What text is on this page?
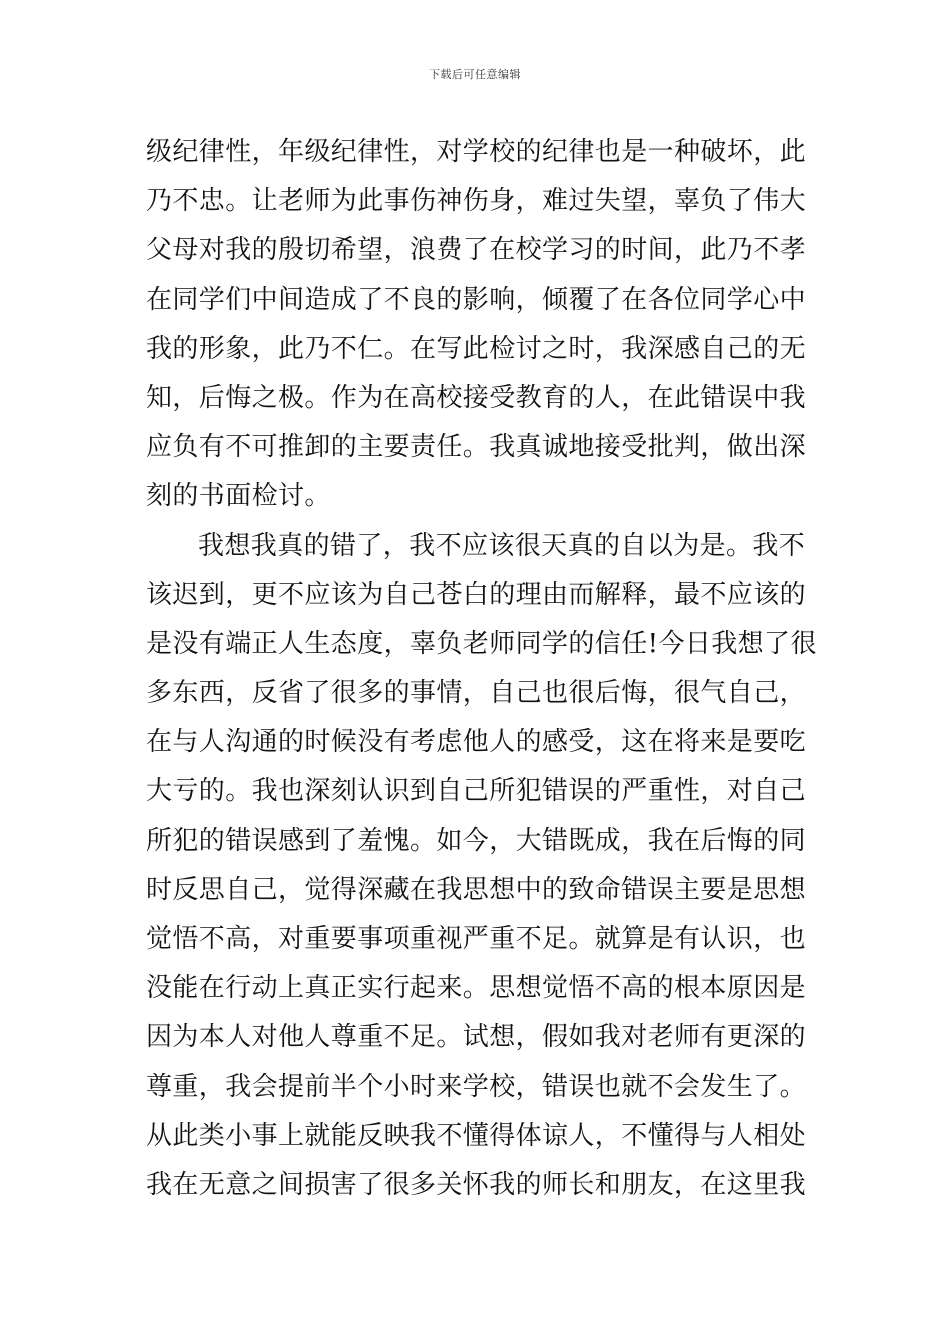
下载后可任意编辑
级纪律性，年级纪律性，对学校的纪律也是一种破坏，此
乃不忠。让老师为此事伤神伤身，难过失望，辜负了伟大
父母对我的殷切希望，浪费了在校学习的时间，此乃不孝
在同学们中间造成了不良的影响，倾覆了在各位同学心中
我的形象，此乃不仁。在写此检讨之时，我深感自己的无
知，后悔之极。作为在高校接受教育的人，在此错误中我
应负有不可推卸的主要责任。我真诚地接受批判，做出深
刻的书面检讨。
我想我真的错了，我不应该很天真的自以为是。我不
该迟到，更不应该为自己苍白的理由而解释，最不应该的
是没有端正人生态度，辜负老师同学的信任!今日我想了很
多东西，反省了很多的事情，自己也很后悔，很气自己，
在与人沟通的时候没有考虑他人的感受，这在将来是要吃
大亏的。我也深刻认识到自己所犯错误的严重性，对自己
所犯的错误感到了羞愧。如今，大错既成，我在后悔的同
时反思自己，觉得深藏在我思想中的致命错误主要是思想
觉悟不高，对重要事项重视严重不足。就算是有认识，也
没能在行动上真正实行起来。思想觉悟不高的根本原因是
因为本人对他人尊重不足。试想，假如我对老师有更深的
尊重，我会提前半个小时来学校，错误也就不会发生了。
从此类小事上就能反映我不懂得体谅人，不懂得与人相处
我在无意之间损害了很多关怀我的师长和朋友，在这里我
